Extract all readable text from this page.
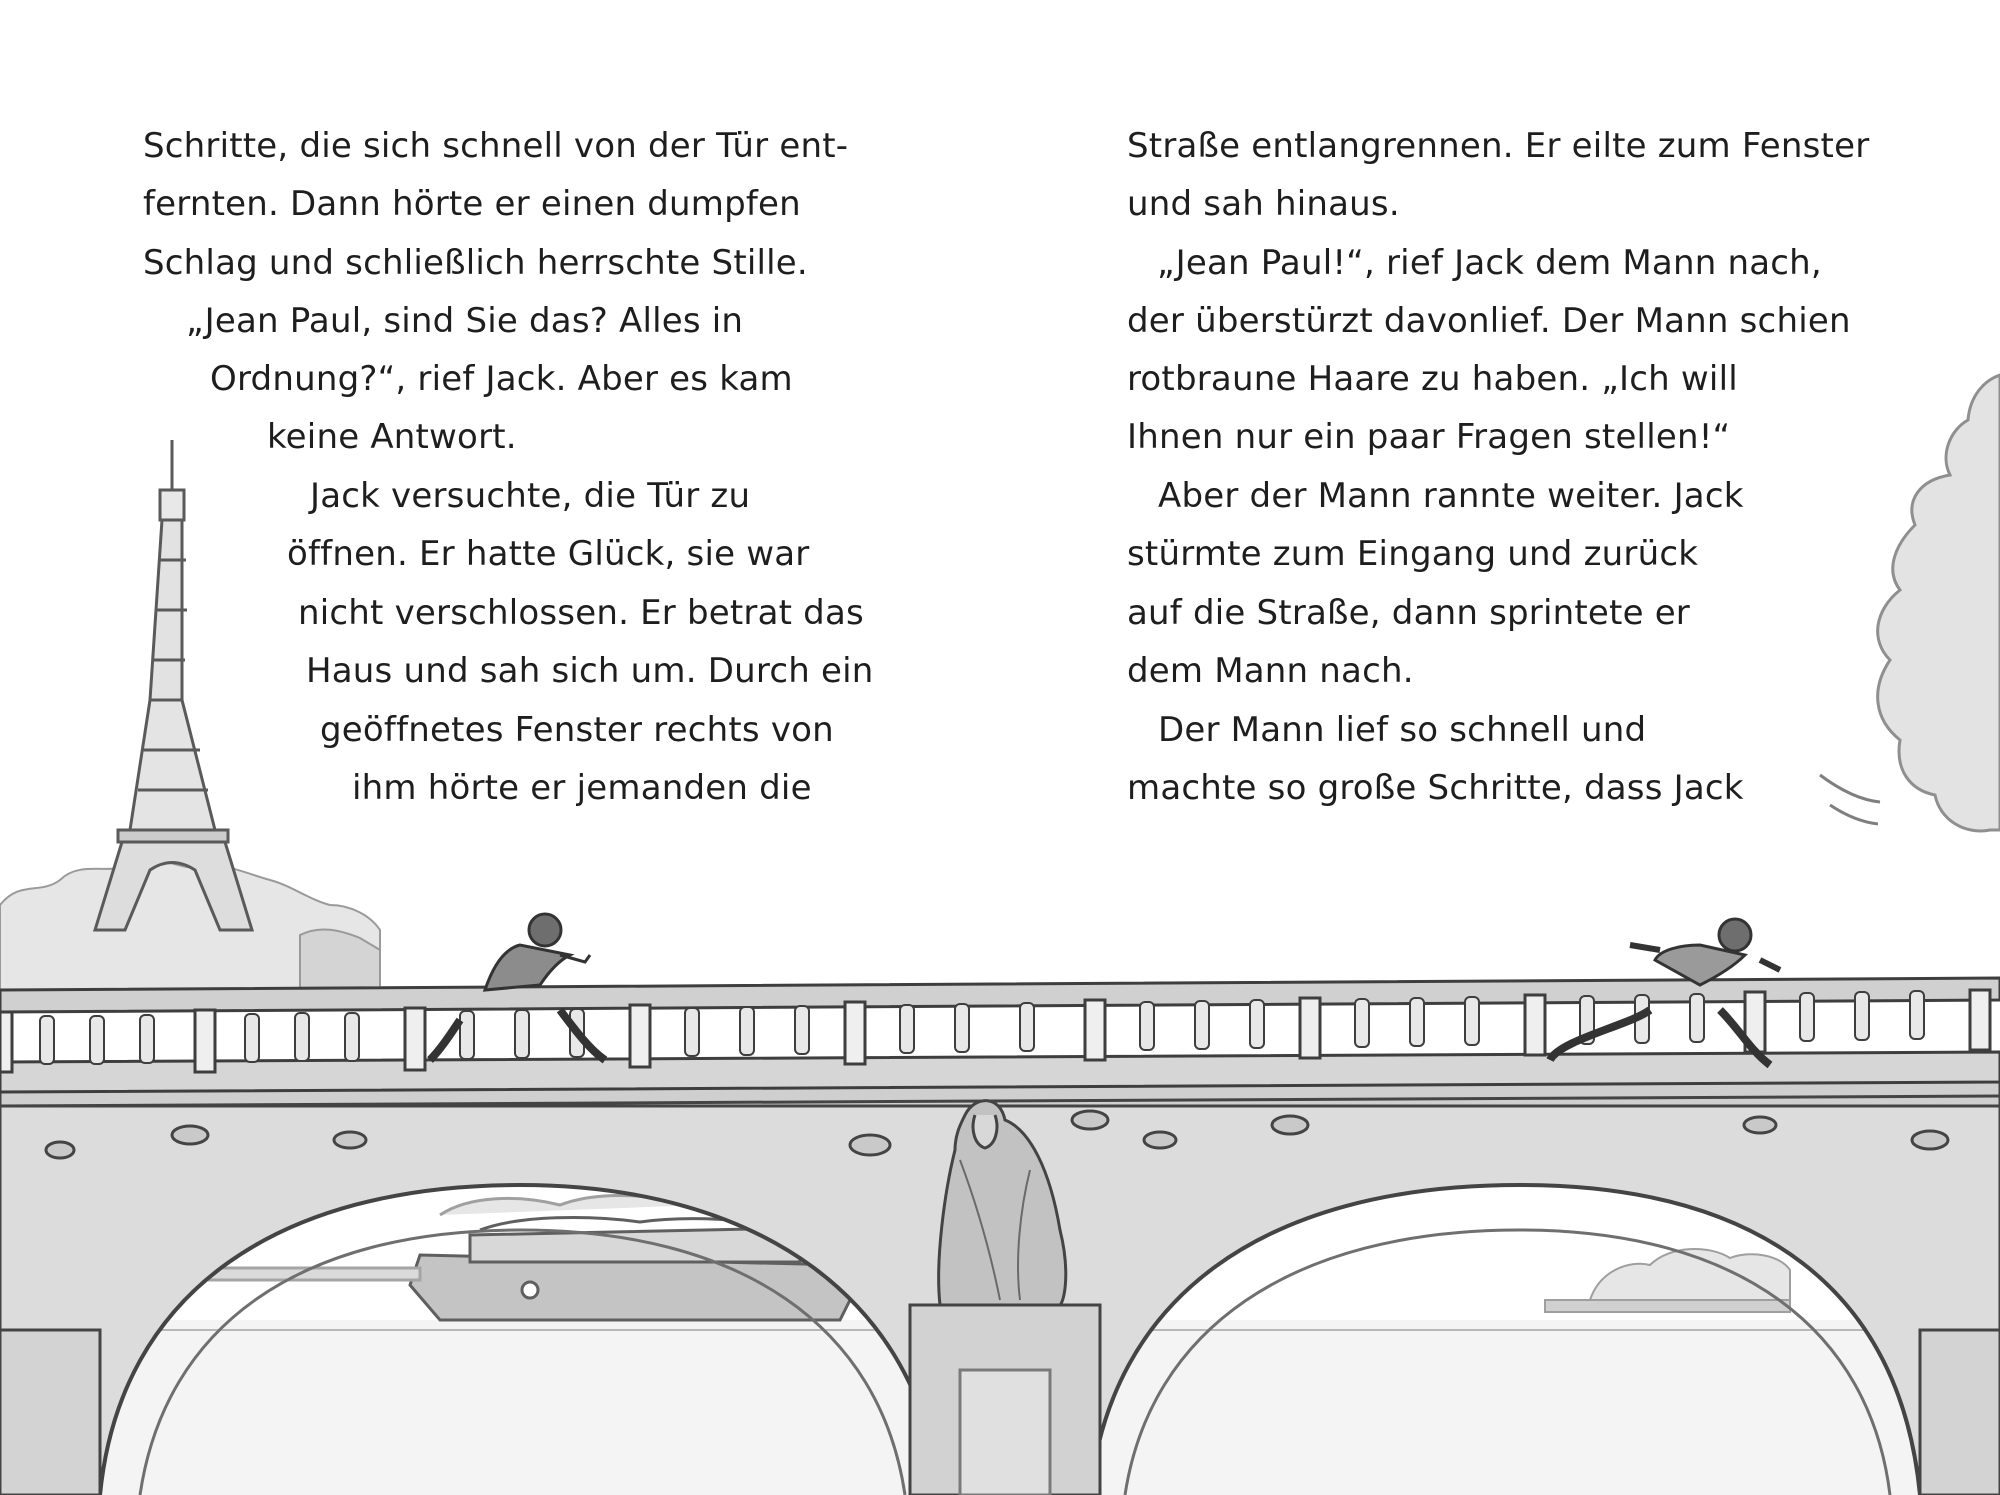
Schritte, die sich schnell von der Tür ent-
fernten. Dann hörte er einen dumpfen
Schlag und schließlich herrschte Stille.
„Jean Paul, sind Sie das? Alles in
Ordnung?“, rief Jack. Aber es kam
keine Antwort.
Jack versuchte, die Tür zu
öffnen. Er hatte Glück, sie war
nicht verschlossen. Er betrat das
Haus und sah sich um. Durch ein
geöffnetes Fenster rechts von
ihm hörte er jemanden die
Straße entlangrennen. Er eilte zum Fenster
und sah hinaus.
„Jean Paul!“, rief Jack dem Mann nach,
der überstürzt davonlief. Der Mann schien
rotbraune Haare zu haben. „Ich will
Ihnen nur ein paar Fragen stellen!“
Aber der Mann rannte weiter. Jack
stürmte zum Eingang und zurück
auf die Straße, dann sprintete er
dem Mann nach.
Der Mann lief so schnell und
machte so große Schritte, dass Jack
